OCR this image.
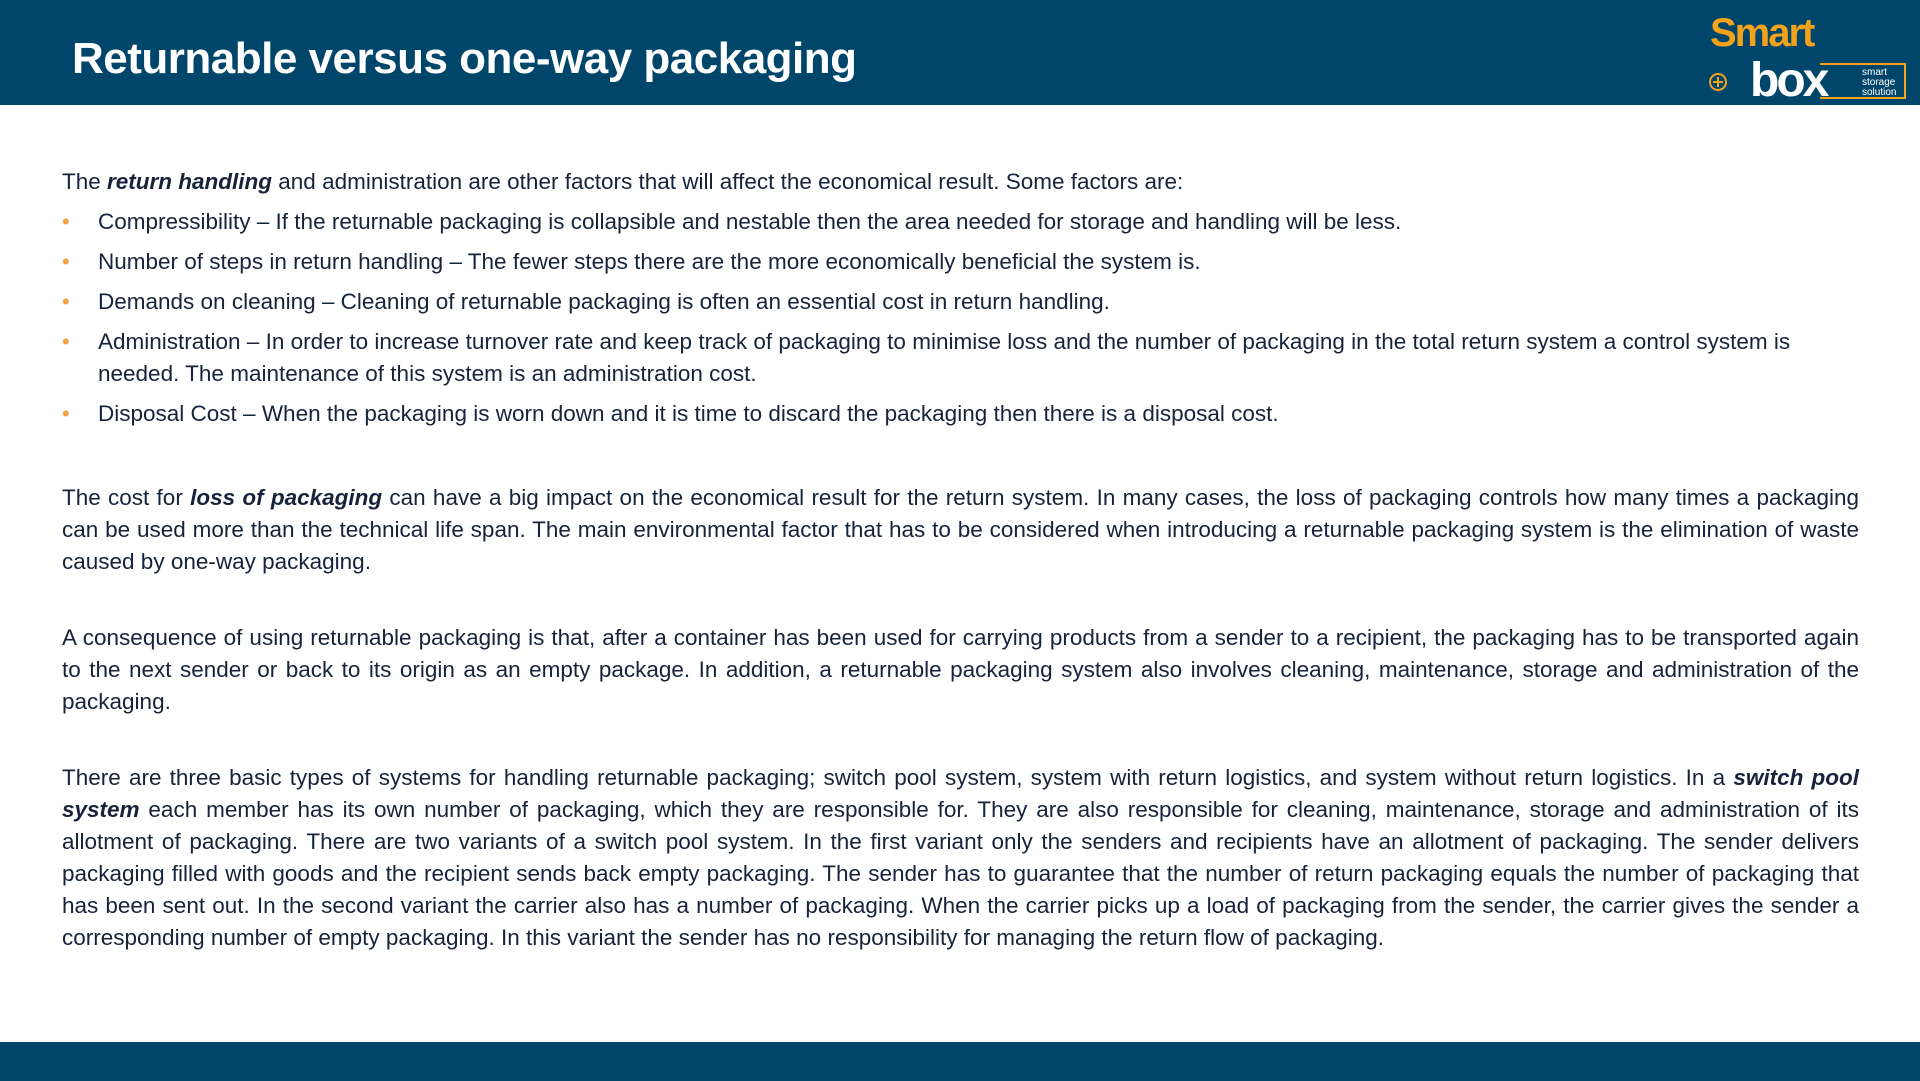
Returnable versus one-way packaging
Smart
box	smart
storage
solution

The return handling and administration are other factors that will affect the economical result. Some factors are:

• Compressibility – If the returnable packaging is collapsible and nestable then the area needed for storage and handling will be less.
• Number of steps in return handling – The fewer steps there are the more economically beneficial the system is.
• Demands on cleaning – Cleaning of returnable packaging is often an essential cost in return handling.
• Administration – In order to increase turnover rate and keep track of packaging to minimise loss and the number of packaging in the total return system a control system is needed. The maintenance of this system is an administration cost.
• Disposal Cost – When the packaging is worn down and it is time to discard the packaging then there is a disposal cost.

The cost for loss of packaging can have a big impact on the economical result for the return system. In many cases, the loss of packaging controls how many times a packaging can be used more than the technical life span. The main environmental factor that has to be considered when introducing a returnable packaging system is the elimination of waste caused by one-way packaging.

A consequence of using returnable packaging is that, after a container has been used for carrying products from a sender to a recipient, the packaging has to be transported again to the next sender or back to its origin as an empty package. In addition, a returnable packaging system also involves cleaning, maintenance, storage and administration of the packaging.

There are three basic types of systems for handling returnable packaging; switch pool system, system with return logistics, and system without return logistics. In a switch pool system each member has its own number of packaging, which they are responsible for. They are also responsible for cleaning, maintenance, storage and administration of its allotment of packaging. There are two variants of a switch pool system. In the first variant only the senders and recipients have an allotment of packaging. The sender delivers packaging filled with goods and the recipient sends back empty packaging. The sender has to guarantee that the number of return packaging equals the number of packaging that has been sent out. In the second variant the carrier also has a number of packaging. When the carrier picks up a load of packaging from the sender, the carrier gives the sender a corresponding number of empty packaging. In this variant the sender has no responsibility for managing the return flow of packaging.
